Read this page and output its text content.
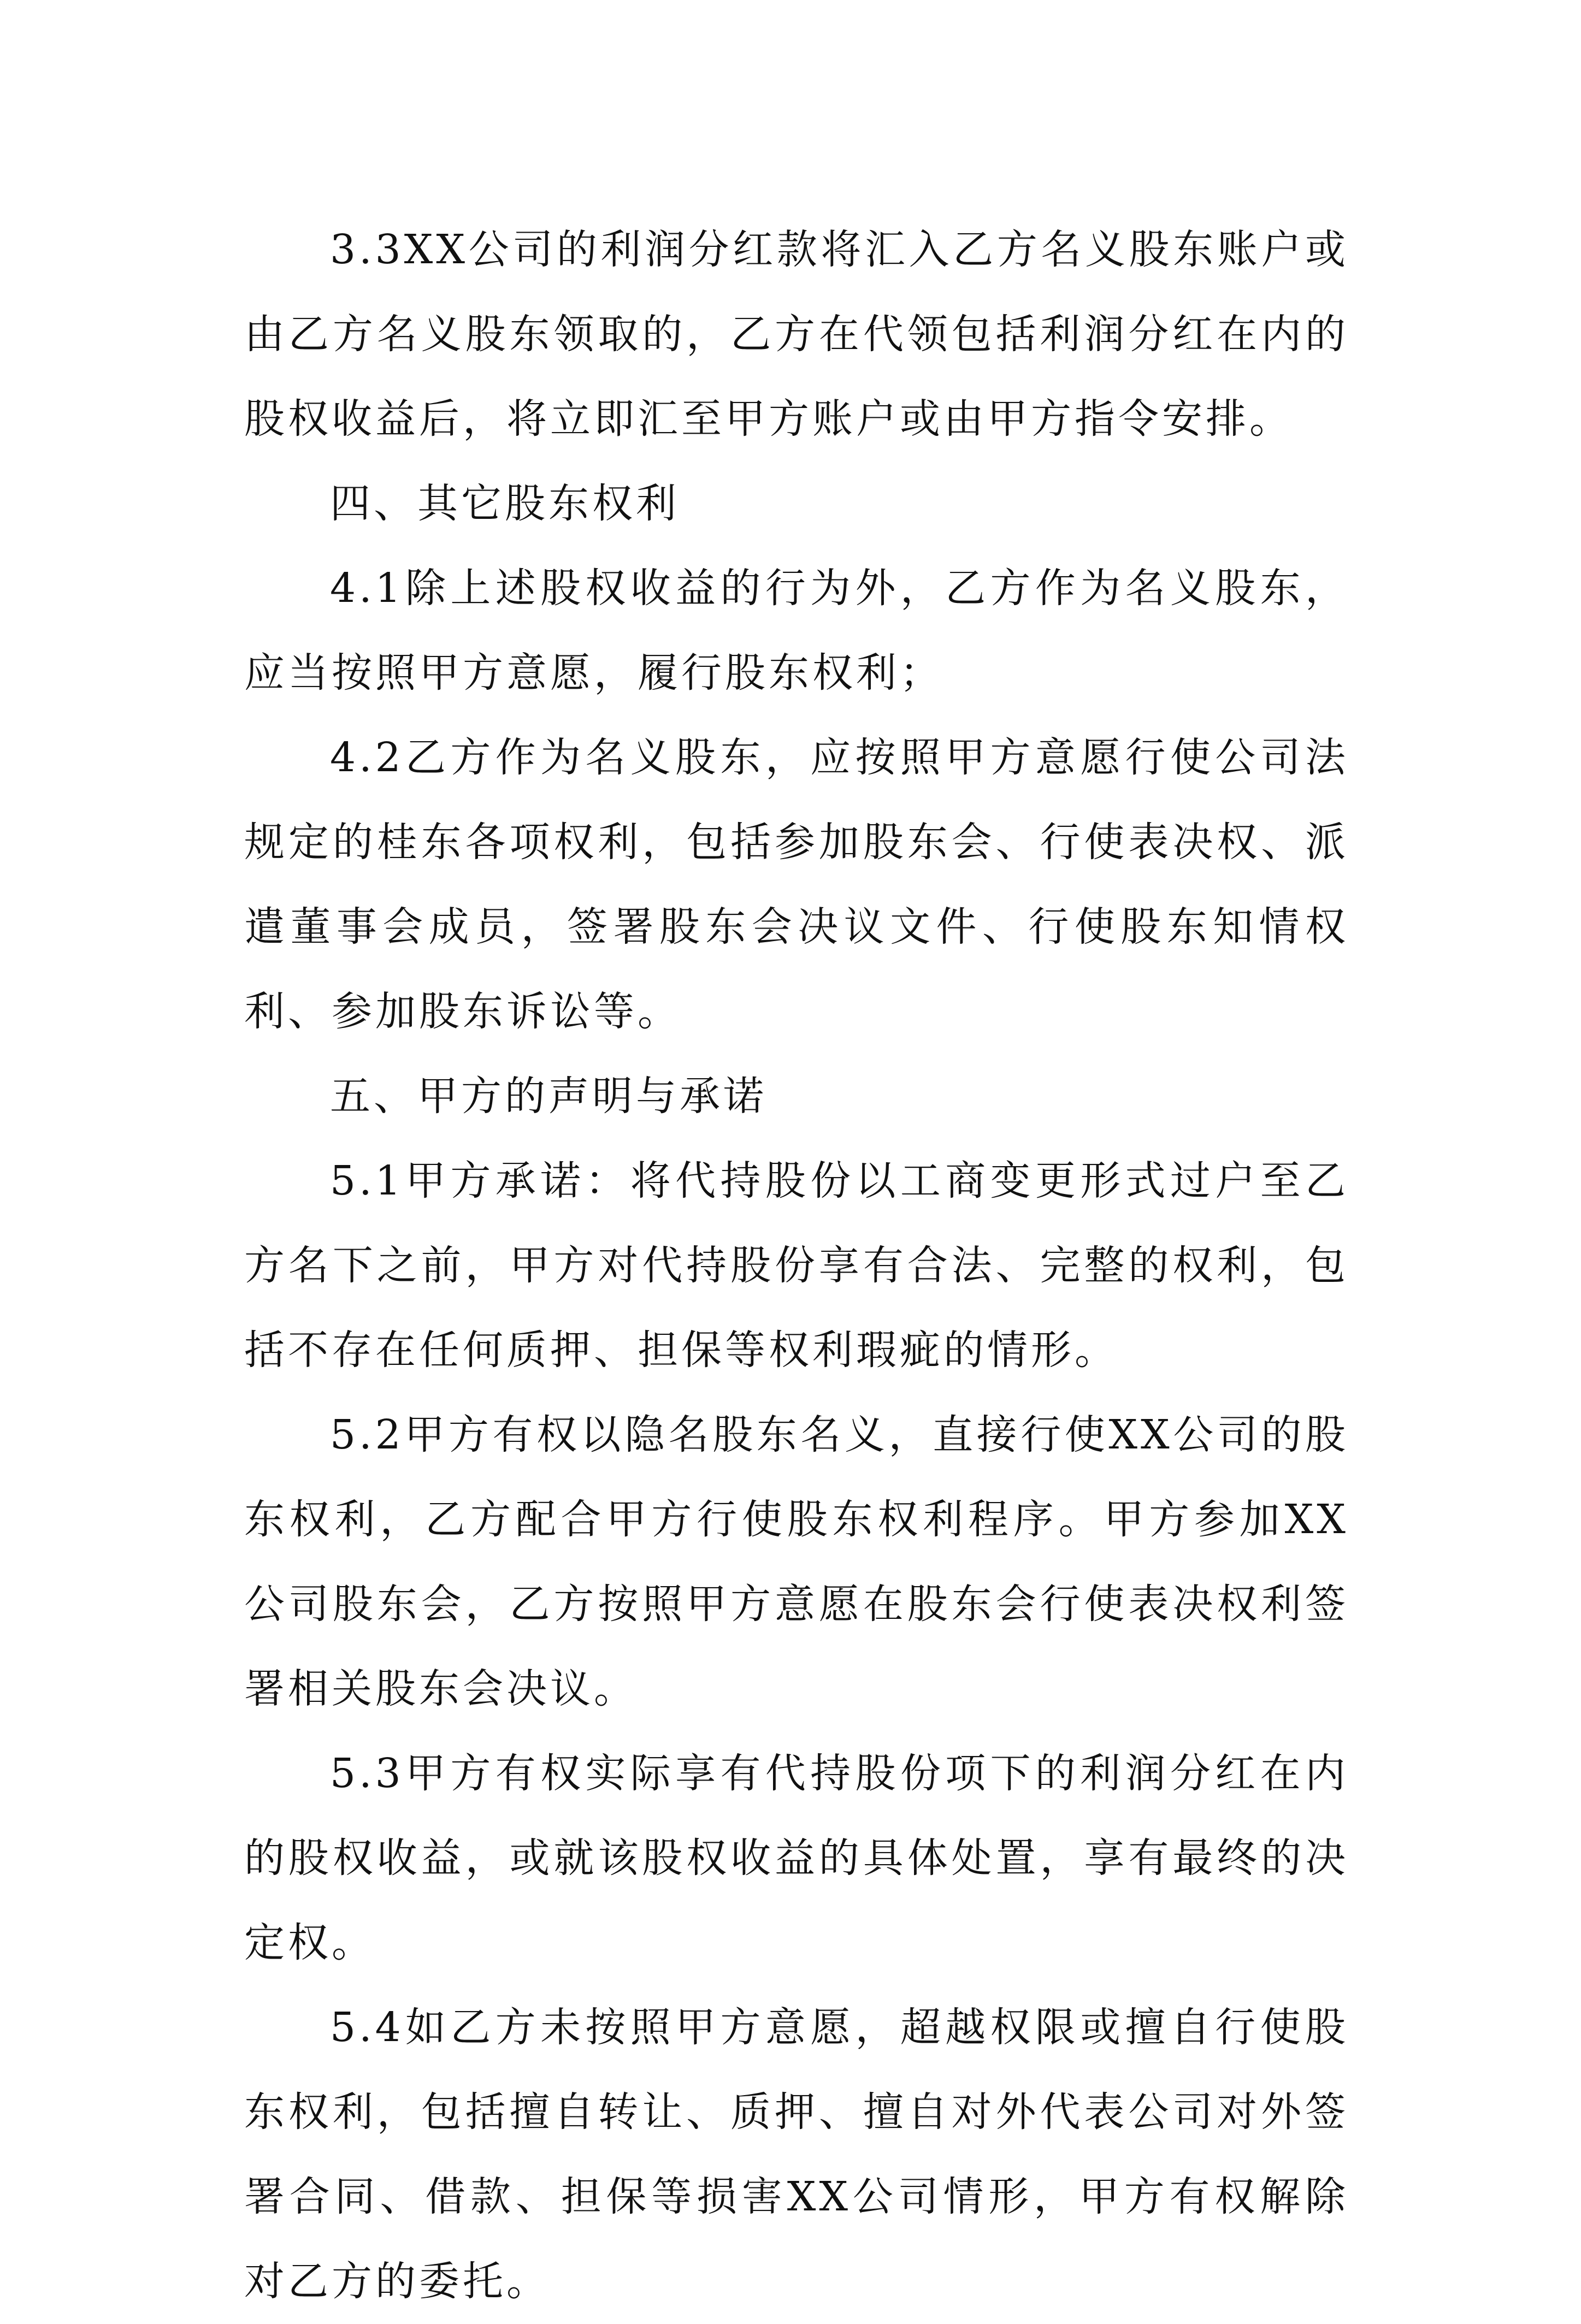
3.3XX公司的利润分红款将汇入乙方名义股东账户或由乙方名义股东领取的，乙方在代领包括利润分红在内的股权收益后，将立即汇至甲方账户或由甲方指令安排。

四、其它股东权利

4.1除上述股权收益的行为外，乙方作为名义股东，应当按照甲方意愿，履行股东权利；

4.2乙方作为名义股东，应按照甲方意愿行使公司法规定的桂东各项权利，包括参加股东会、行使表决权、派遣董事会成员，签署股东会决议文件、行使股东知情权利、参加股东诉讼等。

五、甲方的声明与承诺

5.1甲方承诺：将代持股份以工商变更形式过户至乙方名下之前，甲方对代持股份享有合法、完整的权利，包括不存在任何质押、担保等权利瑕疵的情形。

5.2甲方有权以隐名股东名义，直接行使XX公司的股东权利，乙方配合甲方行使股东权利程序。甲方参加XX公司股东会，乙方按照甲方意愿在股东会行使表决权利签署相关股东会决议。

5.3甲方有权实际享有代持股份项下的利润分红在内的股权收益，或就该股权收益的具体处置，享有最终的决定权。

5.4如乙方未按照甲方意愿，超越权限或擅自行使股东权利，包括擅自转让、质押、擅自对外代表公司对外签署合同、借款、担保等损害XX公司情形，甲方有权解除对乙方的委托。
